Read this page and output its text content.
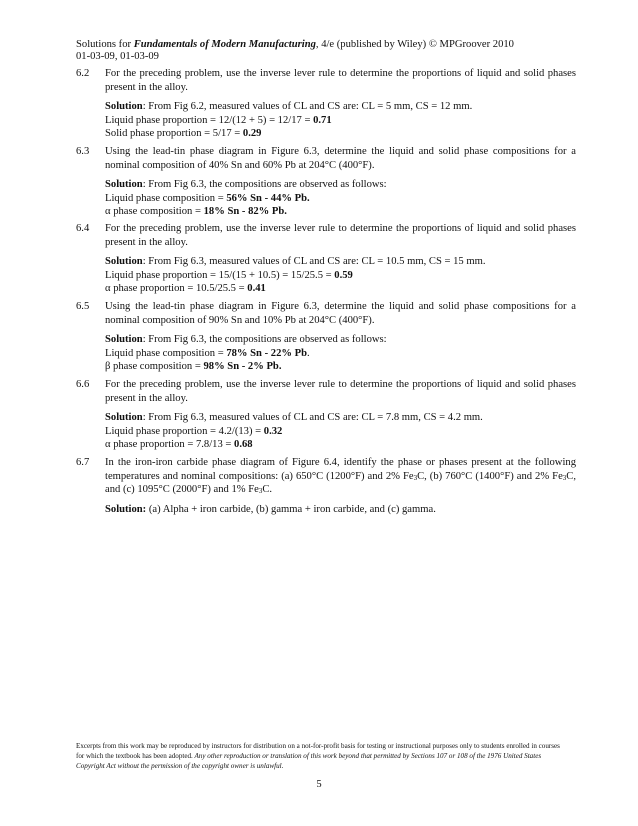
Solutions for Fundamentals of Modern Manufacturing, 4/e (published by Wiley) © MPGroover 2010
01-03-09, 01-03-09
6.2	For the preceding problem, use the inverse lever rule to determine the proportions of liquid and solid phases present in the alloy.
Solution: From Fig 6.2, measured values of CL and CS are: CL = 5 mm, CS = 12 mm.
Liquid phase proportion = 12/(12 + 5) = 12/17 = 0.71
Solid phase proportion = 5/17 = 0.29
6.3	Using the lead-tin phase diagram in Figure 6.3, determine the liquid and solid phase compositions for a nominal composition of 40% Sn and 60% Pb at 204°C (400°F).
Solution: From Fig 6.3, the compositions are observed as follows:
Liquid phase composition = 56% Sn - 44% Pb.
α phase composition = 18% Sn - 82% Pb.
6.4	For the preceding problem, use the inverse lever rule to determine the proportions of liquid and solid phases present in the alloy.
Solution: From Fig 6.3, measured values of CL and CS are: CL = 10.5 mm, CS = 15 mm.
Liquid phase proportion = 15/(15 + 10.5) = 15/25.5 = 0.59
α phase proportion = 10.5/25.5 = 0.41
6.5	Using the lead-tin phase diagram in Figure 6.3, determine the liquid and solid phase compositions for a nominal composition of 90% Sn and 10% Pb at 204°C (400°F).
Solution: From Fig 6.3, the compositions are observed as follows:
Liquid phase composition = 78% Sn - 22% Pb.
β phase composition = 98% Sn - 2% Pb.
6.6	For the preceding problem, use the inverse lever rule to determine the proportions of liquid and solid phases present in the alloy.
Solution: From Fig 6.3, measured values of CL and CS are: CL = 7.8 mm, CS = 4.2 mm.
Liquid phase proportion = 4.2/(13) = 0.32
α phase proportion = 7.8/13 = 0.68
6.7	In the iron-iron carbide phase diagram of Figure 6.4, identify the phase or phases present at the following temperatures and nominal compositions: (a) 650°C (1200°F) and 2% $Fe_3C$, (b) 760°C (1400°F) and 2% $Fe_3C$, and (c) 1095°C (2000°F) and 1% $Fe_3C$.
Solution: (a) Alpha + iron carbide, (b) gamma + iron carbide, and (c) gamma.
Excerpts from this work may be reproduced by instructors for distribution on a not-for-profit basis for testing or instructional purposes only to students enrolled in courses for which the textbook has been adopted. Any other reproduction or translation of this work beyond that permitted by Sections 107 or 108 of the 1976 United States Copyright Act without the permission of the copyright owner is unlawful.
5
